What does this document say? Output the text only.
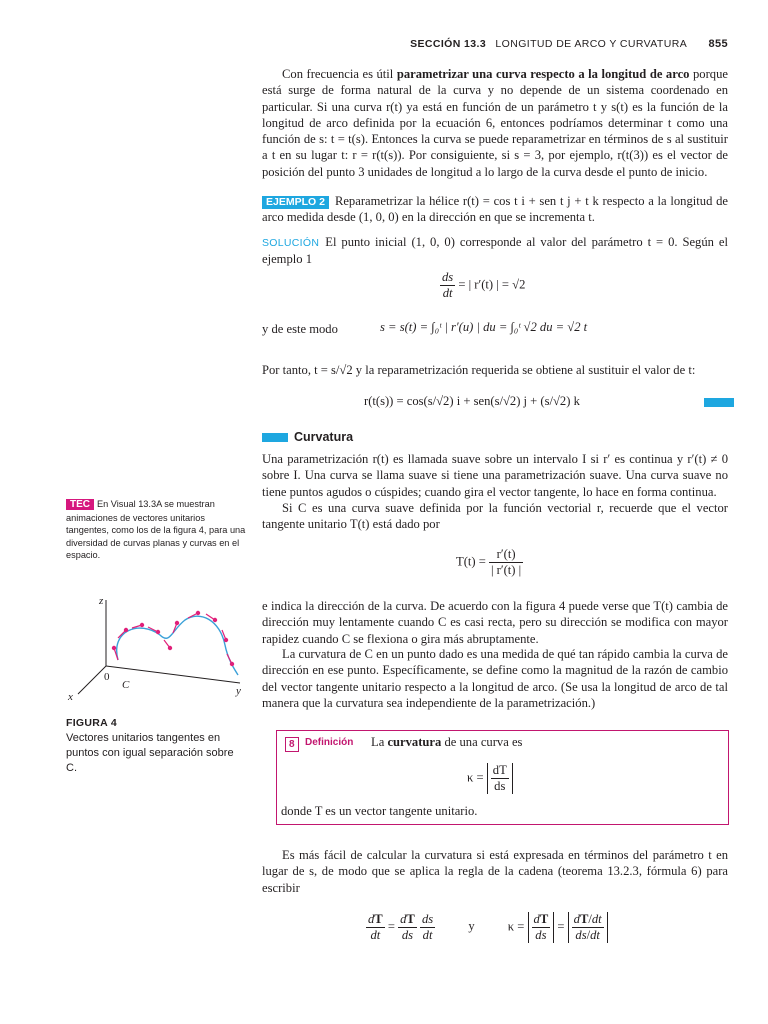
SECCIÓN 13.3 LONGITUD DE ARCO Y CURVATURA 855

Con frecuencia es útil parametrizar una curva respecto a la longitud de arco porque está surge de forma natural de la curva y no depende de un sistema coordenado en particular. Si una curva r(t) ya está en función de un parámetro t y s(t) es la función de la longitud de arco definida por la ecuación 6, entonces podríamos determinar t como una función de s: t = t(s). Entonces la curva se puede reparametrizar en términos de s al sustituir a t en su lugar t: r = r(t(s)). Por consiguiente, si s = 3, por ejemplo, r(t(3)) es el vector de posición del punto 3 unidades de longitud a lo largo de la curva desde el punto de inicio.

EJEMPLO 2 Reparametrizar la hélice r(t) = cos t i + sen t j + t k respecto a la longitud de arco medida desde (1, 0, 0) en la dirección en que se incrementa t.

SOLUCIÓN El punto inicial (1, 0, 0) corresponde al valor del parámetro t = 0. Según el ejemplo 1

$\frac{ds}{dt}$ = | r′(t) | = √2
y de este modo	s = s(t) = ∫₀ᵗ | r′(u) | du = ∫₀ᵗ √2 du = √2 t

Por tanto, t = s/√2 y la reparametrización requerida se obtiene al sustituir el valor de t:

r(t(s)) = cos(s/√2) i + sen(s/√2) j + (s/√2) k
Curvatura

Una parametrización r(t) es llamada suave sobre un intervalo I si r′ es continua y r′(t) ≠ 0 sobre I. Una curva se llama suave si tiene una parametrización suave. Una curva suave no tiene puntos agudos o cúspides; cuando gira el vector tangente, lo hace en forma continua.

Si C es una curva suave definida por la función vectorial r, recuerde que el vector tangente unitario T(t) está dado por

$T(t) = \frac{r'(t)}{| r'(t) |}$

e indica la dirección de la curva. De acuerdo con la figura 4 puede verse que T(t) cambia de dirección muy lentamente cuando C es casi recta, pero su dirección se modifica con mayor rapidez cuando C se flexiona o gira más abruptamente.

La curvatura de C en un punto dado es una medida de qué tan rápido cambia la curva de dirección en ese punto. Específicamente, se define como la magnitud de la razón de cambio del vector tangente unitario respecto a la longitud de arco. (Se usa la longitud de arco de tal manera que la curvatura sea independiente de la parametrización.)

8	Definición La curvatura de una curva es
$\kappa = \frac{dT}{ds}$
donde T es un vector tangente unitario.

Es más fácil de calcular la curvatura si está expresada en términos del parámetro t en lugar de s, de modo que se aplica la regla de la cadena (teorema 13.2.3, fórmula 6) para escribir

$\frac{dT}{dt} = \frac{dT}{ds}$
$\frac{ds}{dt}$	y	$\kappa = \frac{dT}{ds} = \frac{dT/dt}{ds/dt}$
TEC En Visual 13.3A se muestran animaciones de vectores unitarios tangentes, como los de la figura 4, para una diversidad de curvas planas y curvas en el espacio.
z
x	y
0
C
FIGURA 4
Vectores unitarios tangentes en puntos con igual separación sobre C.
